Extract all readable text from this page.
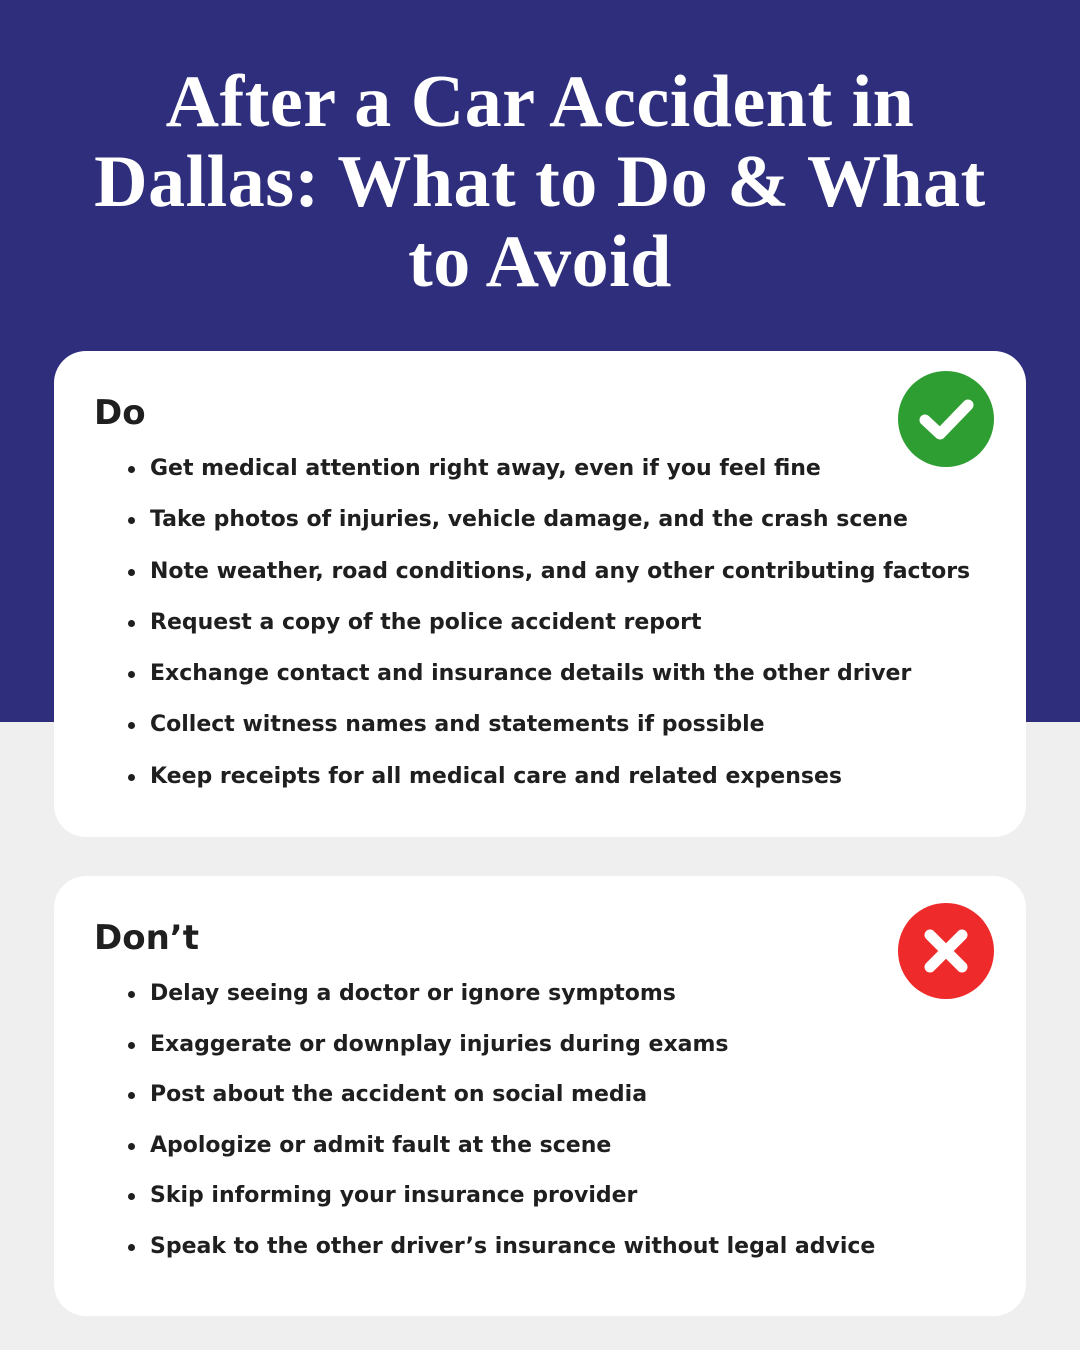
After a Car Accident in Dallas: What to Do & What to Avoid
Do
Get medical attention right away, even if you feel fine
Take photos of injuries, vehicle damage, and the crash scene
Note weather, road conditions, and any other contributing factors
Request a copy of the police accident report
Exchange contact and insurance details with the other driver
Collect witness names and statements if possible
Keep receipts for all medical care and related expenses
Don’t
Delay seeing a doctor or ignore symptoms
Exaggerate or downplay injuries during exams
Post about the accident on social media
Apologize or admit fault at the scene
Skip informing your insurance provider
Speak to the other driver’s insurance without legal advice
